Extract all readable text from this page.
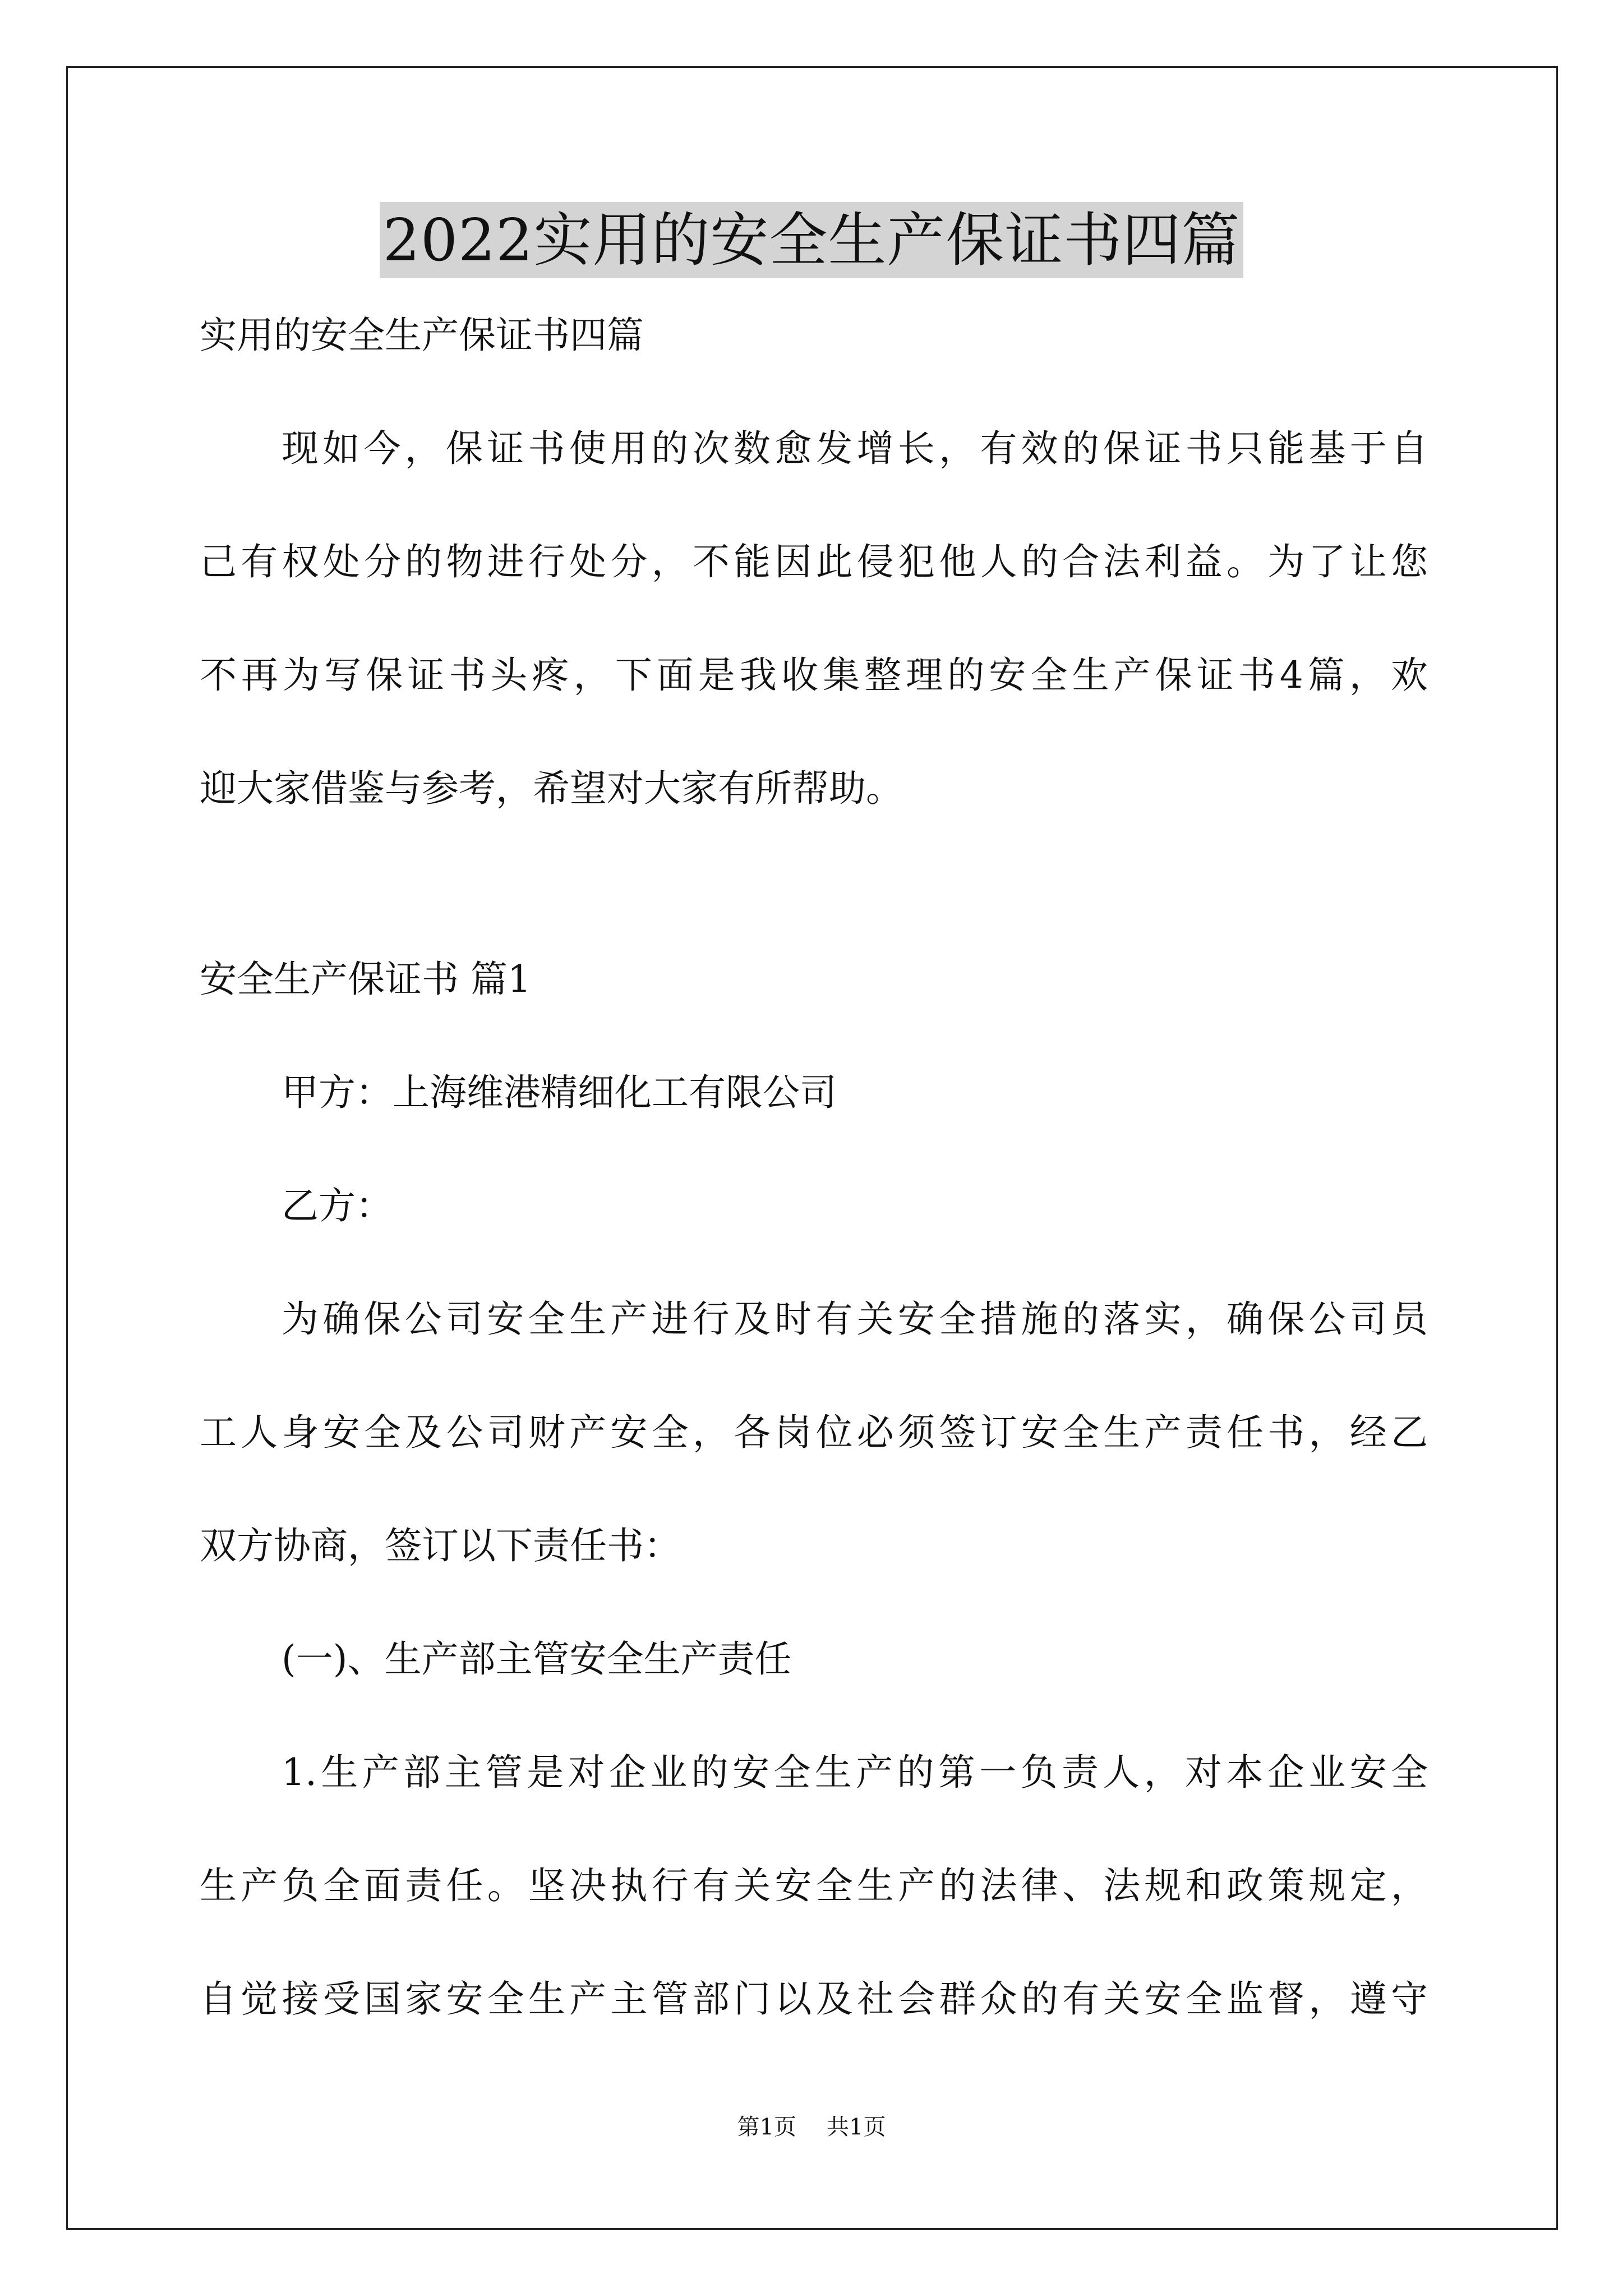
2022实用的安全生产保证书四篇
实用的安全生产保证书四篇
现如今，保证书使用的次数愈发增长，有效的保证书只能基于自
己有权处分的物进行处分，不能因此侵犯他人的合法利益。为了让您
不再为写保证书头疼，下面是我收集整理的安全生产保证书4篇，欢
迎大家借鉴与参考，希望对大家有所帮助。
安全生产保证书 篇1
甲方：上海维港精细化工有限公司
乙方：
为确保公司安全生产进行及时有关安全措施的落实，确保公司员
工人身安全及公司财产安全，各岗位必须签订安全生产责任书，经乙
双方协商，签订以下责任书：
(一)、生产部主管安全生产责任
1.生产部主管是对企业的安全生产的第一负责人，对本企业安全
生产负全面责任。坚决执行有关安全生产的法律、法规和政策规定，
自觉接受国家安全生产主管部门以及社会群众的有关安全监督，遵守
第1页 共1页
